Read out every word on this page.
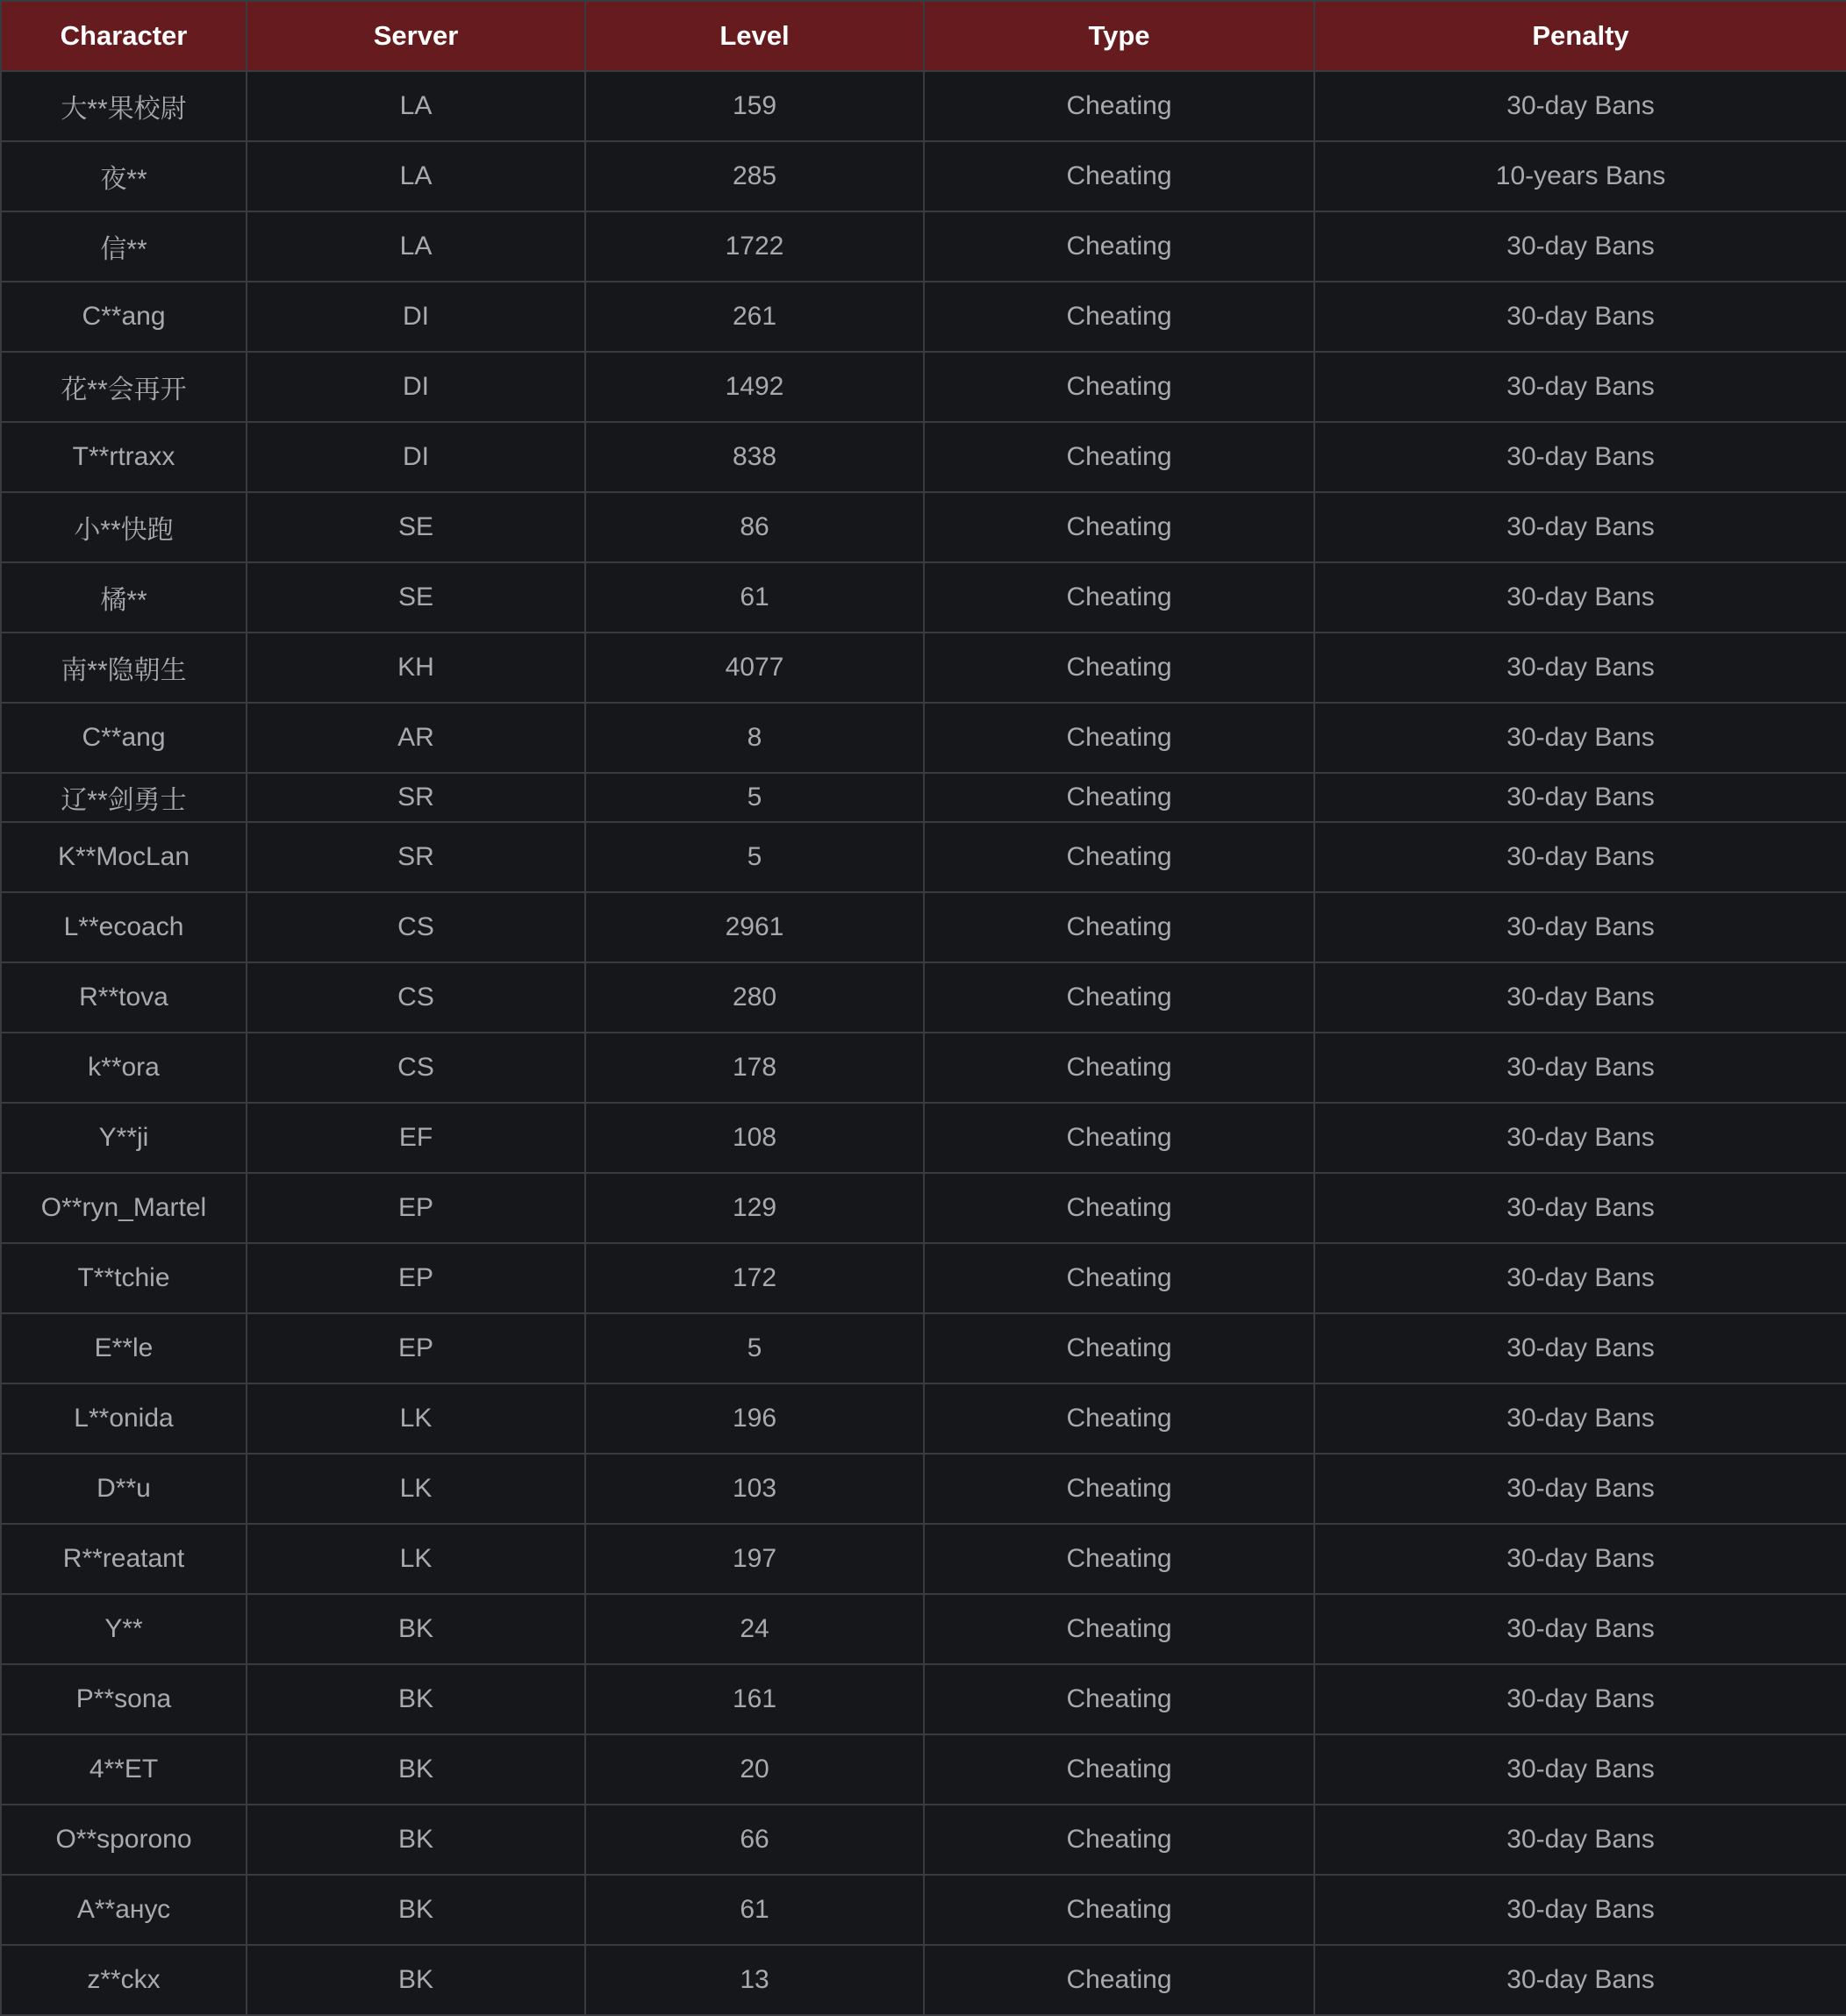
Character	Server	Level	Type	Penalty
大**果校尉	LA	159	Cheating	30-day Bans
夜**	LA	285	Cheating	10-years Bans
信**	LA	1722	Cheating	30-day Bans
C**ang	DI	261	Cheating	30-day Bans
花**会再开	DI	1492	Cheating	30-day Bans
T**rtraxx	DI	838	Cheating	30-day Bans
小**快跑	SE	86	Cheating	30-day Bans
橘**	SE	61	Cheating	30-day Bans
南**隐朝生	KH	4077	Cheating	30-day Bans
C**ang	AR	8	Cheating	30-day Bans
辽**剑勇士	SR	5	Cheating	30-day Bans
K**MocLan	SR	5	Cheating	30-day Bans
L**ecoach	CS	2961	Cheating	30-day Bans
R**tova	CS	280	Cheating	30-day Bans
k**ora	CS	178	Cheating	30-day Bans
Y**ji	EF	108	Cheating	30-day Bans
O**ryn_Martel	EP	129	Cheating	30-day Bans
T**tchie	EP	172	Cheating	30-day Bans
E**le	EP	5	Cheating	30-day Bans
L**onida	LK	196	Cheating	30-day Bans
D**u	LK	103	Cheating	30-day Bans
R**reatant	LK	197	Cheating	30-day Bans
Y**	BK	24	Cheating	30-day Bans
P**sona	BK	161	Cheating	30-day Bans
4**ET	BK	20	Cheating	30-day Bans
O**sporono	BK	66	Cheating	30-day Bans
A**анус	BK	61	Cheating	30-day Bans
z**ckx	BK	13	Cheating	30-day Bans
